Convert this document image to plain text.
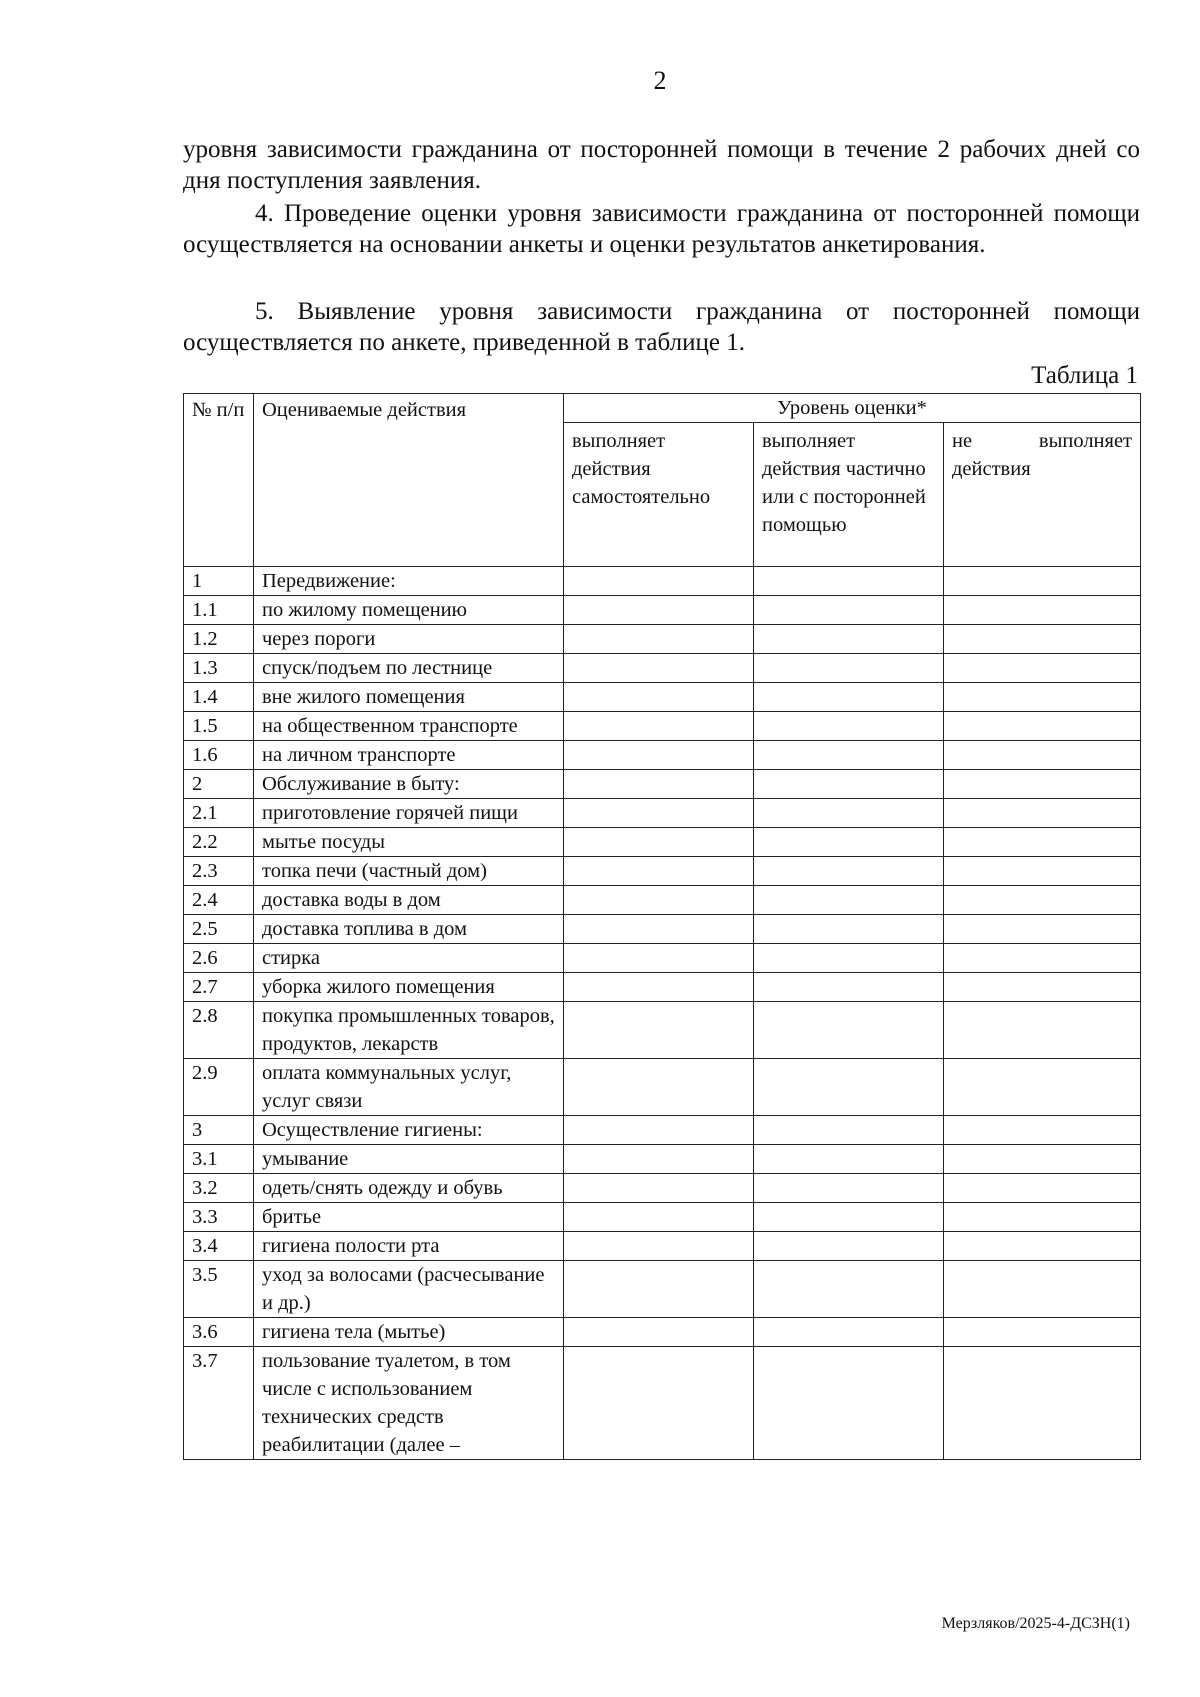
2
уровня зависимости гражданина от посторонней помощи в течение 2 рабочих дней со дня поступления заявления.
4. Проведение оценки уровня зависимости гражданина от посторонней помощи осуществляется на основании анкеты и оценки результатов анкетирования.
5. Выявление уровня зависимости гражданина от посторонней помощи осуществляется по анкете, приведенной в таблице 1.
Таблица 1
№ п/п	Оцениваемые действия	Уровень оценки*		
		выполняет действия самостоятельно	выполняет действия частично или с посторонней помощью	не выполняет действия
1	Передвижение:			
1.1	по жилому помещению			
1.2	через пороги			
1.3	спуск/подъем по лестнице			
1.4	вне жилого помещения			
1.5	на общественном транспорте			
1.6	на личном транспорте			
2	Обслуживание в быту:			
2.1	приготовление горячей пищи			
2.2	мытье посуды			
2.3	топка печи (частный дом)			
2.4	доставка воды в дом			
2.5	доставка топлива в дом			
2.6	стирка			
2.7	уборка жилого помещения			
2.8	покупка промышленных товаров, продуктов, лекарств			
2.9	оплата коммунальных услуг, услуг связи			
3	Осуществление гигиены:			
3.1	умывание			
3.2	одеть/снять одежду и обувь			
3.3	бритье			
3.4	гигиена полости рта			
3.5	уход за волосами (расчесывание и др.)			
3.6	гигиена тела (мытье)			
3.7	пользование туалетом, в том числе с использованием технических средств реабилитации (далее –			
Мерзляков/2025-4-ДСЗН(1)
